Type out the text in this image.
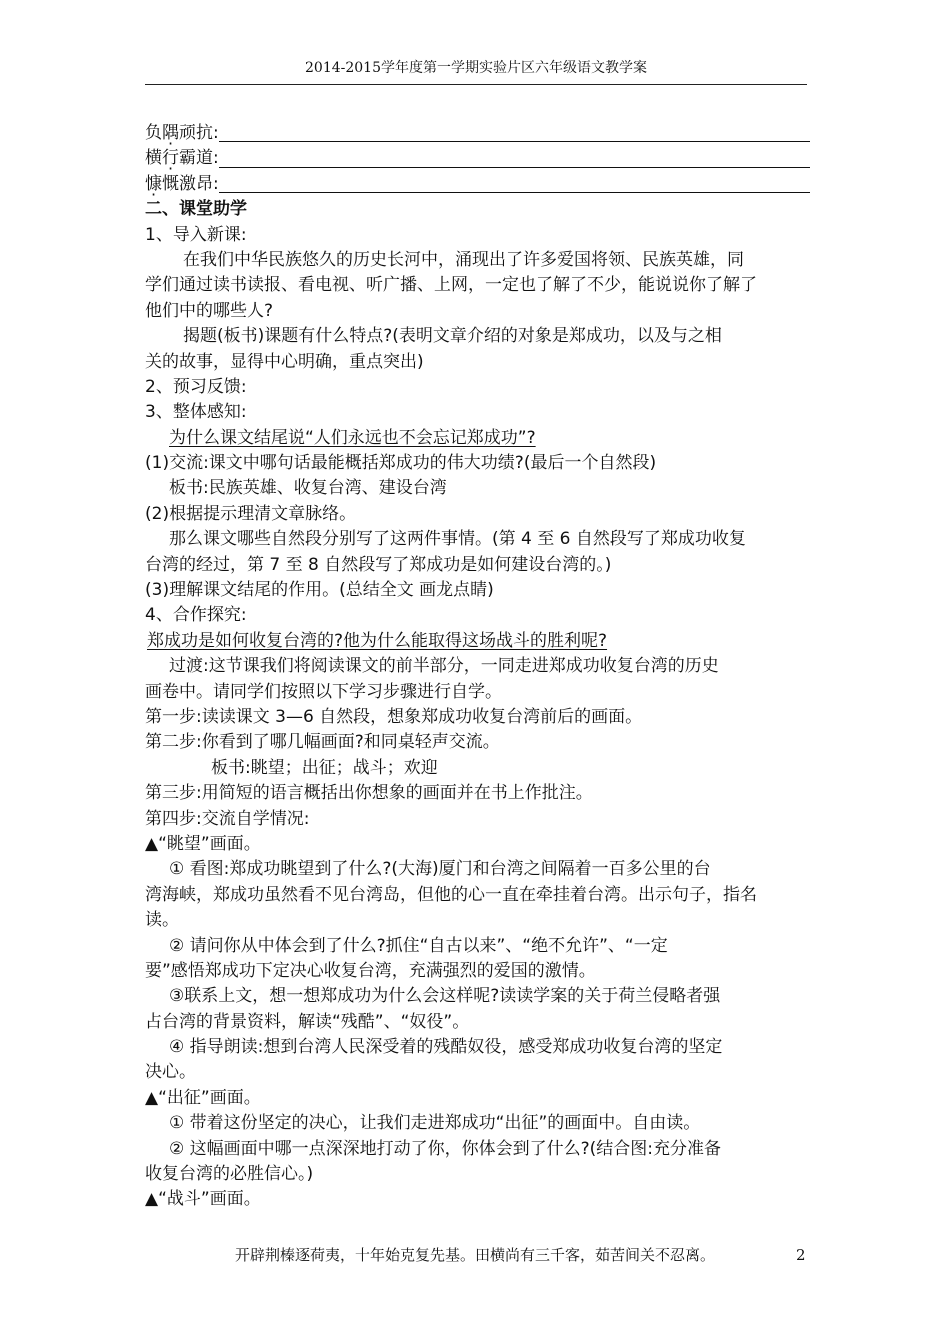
2014-2015学年度第一学期实验片区六年级语文教学案
负隅顽抗:
横行霸道:
慷慨激昂:
二、课堂助学
1、导入新课:
在我们中华民族悠久的历史长河中，涌现出了许多爱国将领、民族英雄，同
学们通过读书读报、看电视、听广播、上网，一定也了解了不少，能说说你了解了
他们中的哪些人?
揭题(板书)课题有什么特点?(表明文章介绍的对象是郑成功，以及与之相
关的故事，显得中心明确，重点突出)
2、预习反馈:
3、整体感知:
为什么课文结尾说“人们永远也不会忘记郑成功”?
(1)交流:课文中哪句话最能概括郑成功的伟大功绩?(最后一个自然段)
板书:民族英雄、收复台湾、建设台湾
(2)根据提示理清文章脉络。
那么课文哪些自然段分别写了这两件事情。(第 4 至 6 自然段写了郑成功收复
台湾的经过，第 7 至 8 自然段写了郑成功是如何建设台湾的。)
(3)理解课文结尾的作用。(总结全文 画龙点睛)
4、合作探究:
郑成功是如何收复台湾的?他为什么能取得这场战斗的胜利呢?
过渡:这节课我们将阅读课文的前半部分，一同走进郑成功收复台湾的历史
画卷中。请同学们按照以下学习步骤进行自学。
第一步:读读课文 3—6 自然段，想象郑成功收复台湾前后的画面。
第二步:你看到了哪几幅画面?和同桌轻声交流。
板书:眺望；出征；战斗；欢迎
第三步:用简短的语言概括出你想象的画面并在书上作批注。
第四步:交流自学情况:
▲“眺望”画面。
① 看图:郑成功眺望到了什么?(大海)厦门和台湾之间隔着一百多公里的台
湾海峡，郑成功虽然看不见台湾岛，但他的心一直在牵挂着台湾。出示句子，指名
读。
② 请问你从中体会到了什么?抓住“自古以来”、“绝不允许”、“一定
要”感悟郑成功下定决心收复台湾，充满强烈的爱国的激情。
③联系上文，想一想郑成功为什么会这样呢?读读学案的关于荷兰侵略者强
占台湾的背景资料，解读“残酷”、“奴役”。
④ 指导朗读:想到台湾人民深受着的残酷奴役，感受郑成功收复台湾的坚定
决心。
▲“出征”画面。
① 带着这份坚定的决心，让我们走进郑成功“出征”的画面中。自由读。
② 这幅画面中哪一点深深地打动了你，你体会到了什么?(结合图:充分准备
收复台湾的必胜信心。)
▲“战斗”画面。
开辟荆榛逐荷夷，十年始克复先基。田横尚有三千客，茹苦间关不忍离。	2
